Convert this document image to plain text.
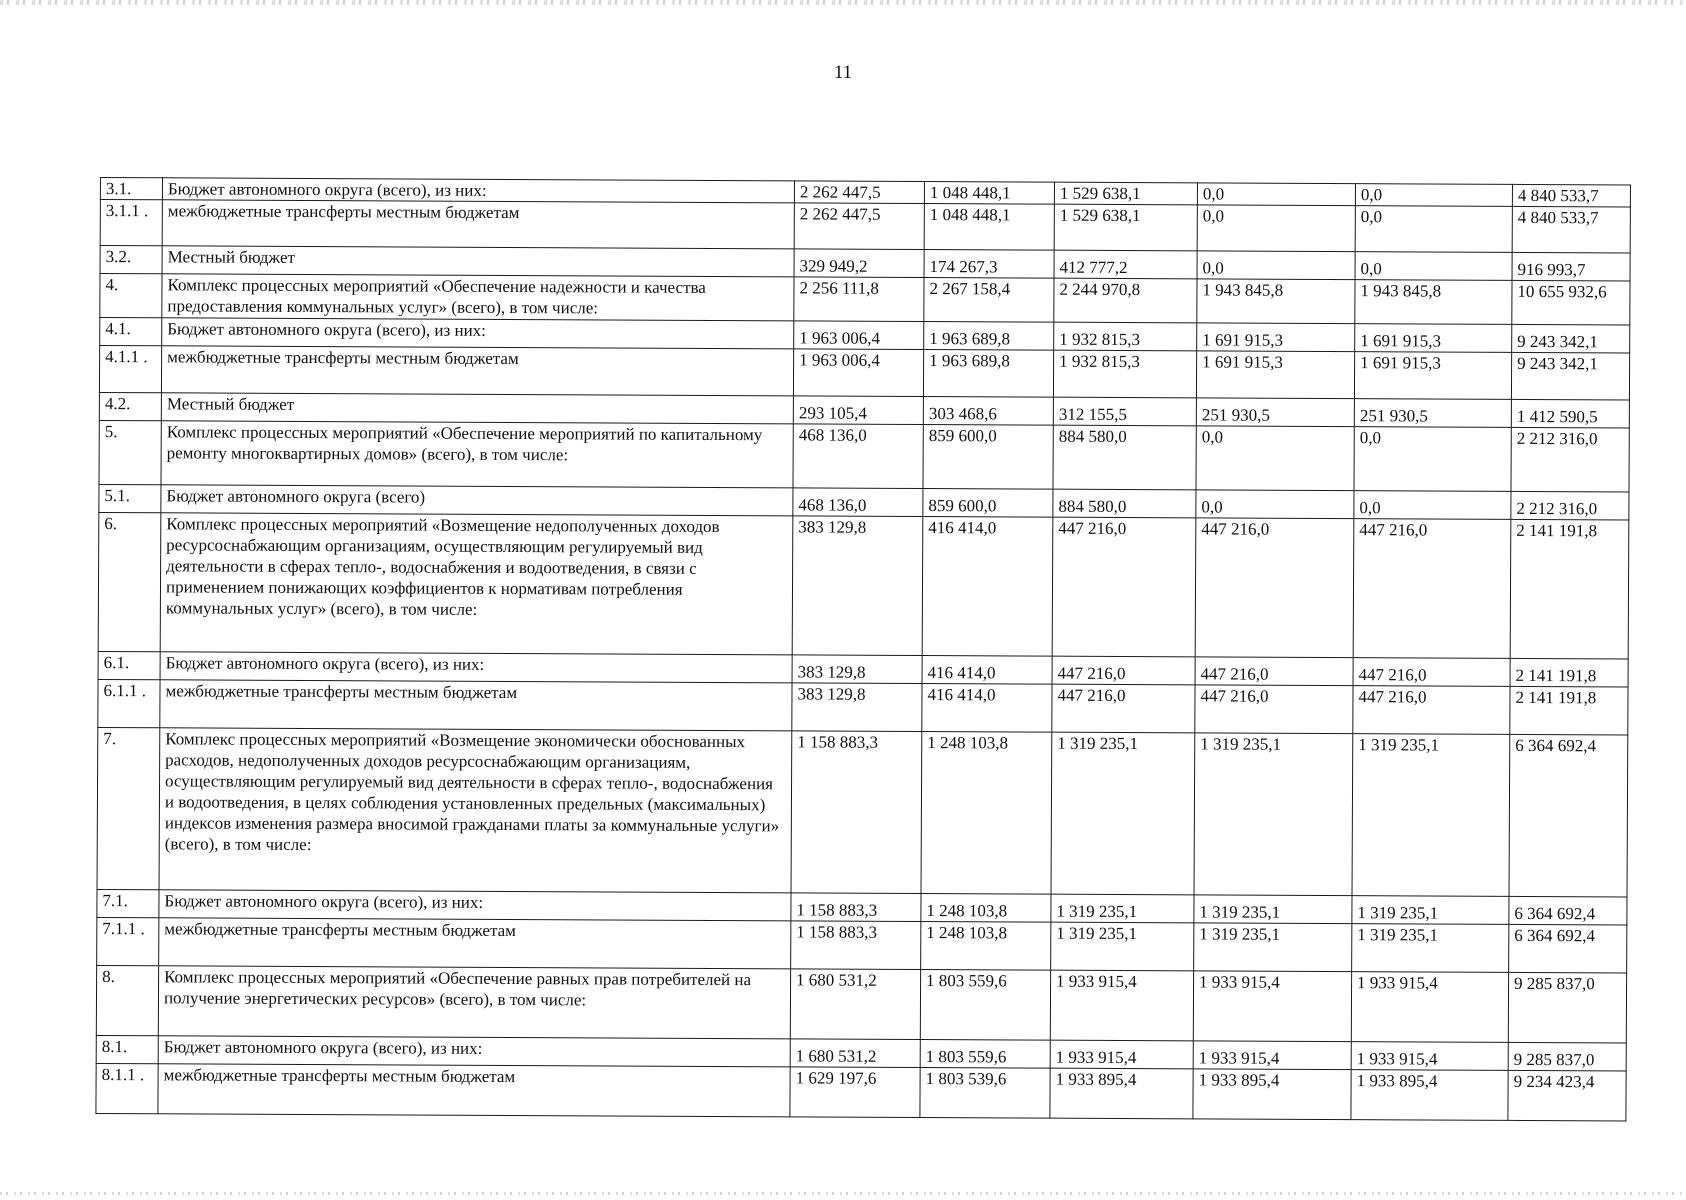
11
3.1.	Бюджет автономного округа (всего), из них:	2 262 447,5	1 048 448,1	1 529 638,1	0,0	0,0	4 840 533,7
3.1.1 .	межбюджетные трансферты местным бюджетам	2 262 447,5	1 048 448,1	1 529 638,1	0,0	0,0	4 840 533,7
3.2.	Местный бюджет	329 949,2	174 267,3	412 777,2	0,0	0,0	916 993,7
4.	Комплекс процессных мероприятий «Обеспечение надежности и качества предоставления коммунальных услуг» (всего), в том числе:	2 256 111,8	2 267 158,4	2 244 970,8	1 943 845,8	1 943 845,8	10 655 932,6
4.1.	Бюджет автономного округа (всего), из них:	1 963 006,4	1 963 689,8	1 932 815,3	1 691 915,3	1 691 915,3	9 243 342,1
4.1.1 .	межбюджетные трансферты местным бюджетам	1 963 006,4	1 963 689,8	1 932 815,3	1 691 915,3	1 691 915,3	9 243 342,1
4.2.	Местный бюджет	293 105,4	303 468,6	312 155,5	251 930,5	251 930,5	1 412 590,5
5.	Комплекс процессных мероприятий «Обеспечение мероприятий по капитальному ремонту многоквартирных домов» (всего), в том числе:	468 136,0	859 600,0	884 580,0	0,0	0,0	2 212 316,0
5.1.	Бюджет автономного округа (всего)	468 136,0	859 600,0	884 580,0	0,0	0,0	2 212 316,0
6.	Комплекс процессных мероприятий «Возмещение недополученных доходов ресурсоснабжающим организациям, осуществляющим регулируемый вид деятельности в сферах тепло-, водоснабжения и водоотведения, в связи с применением понижающих коэффициентов к нормативам потребления коммунальных услуг» (всего), в том числе:	383 129,8	416 414,0	447 216,0	447 216,0	447 216,0	2 141 191,8
6.1.	Бюджет автономного округа (всего), из них:	383 129,8	416 414,0	447 216,0	447 216,0	447 216,0	2 141 191,8
6.1.1 .	межбюджетные трансферты местным бюджетам	383 129,8	416 414,0	447 216,0	447 216,0	447 216,0	2 141 191,8
7.	Комплекс процессных мероприятий «Возмещение экономически обоснованных расходов, недополученных доходов ресурсоснабжающим организациям, осуществляющим регулируемый вид деятельности в сферах тепло-, водоснабжения и водоотведения, в целях соблюдения установленных предельных (максимальных) индексов изменения размера вносимой гражданами платы за коммунальные услуги» (всего), в том числе:	1 158 883,3	1 248 103,8	1 319 235,1	1 319 235,1	1 319 235,1	6 364 692,4
7.1.	Бюджет автономного округа (всего), из них:	1 158 883,3	1 248 103,8	1 319 235,1	1 319 235,1	1 319 235,1	6 364 692,4
7.1.1 .	межбюджетные трансферты местным бюджетам	1 158 883,3	1 248 103,8	1 319 235,1	1 319 235,1	1 319 235,1	6 364 692,4
8.	Комплекс процессных мероприятий «Обеспечение равных прав потребителей на получение энергетических ресурсов» (всего), в том числе:	1 680 531,2	1 803 559,6	1 933 915,4	1 933 915,4	1 933 915,4	9 285 837,0
8.1.	Бюджет автономного округа (всего), из них:	1 680 531,2	1 803 559,6	1 933 915,4	1 933 915,4	1 933 915,4	9 285 837,0
8.1.1 .	межбюджетные трансферты местным бюджетам	1 629 197,6	1 803 539,6	1 933 895,4	1 933 895,4	1 933 895,4	9 234 423,4
